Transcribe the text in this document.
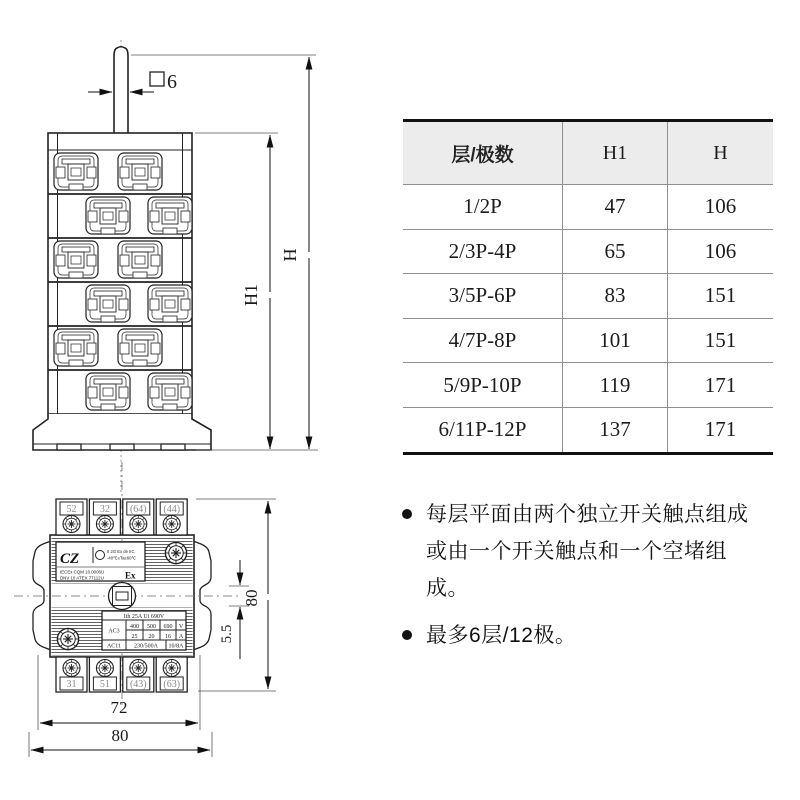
6
H
H1
CZ	II 2G Ex de IIC
-40℃≤Ta≤60℃
IECEx CQM 10.0006U
DNV 10 ATEX 77112U Ex
Ith 25A Ui 690V
AC3
400 500 690 V
25 20 16 A
AC11 230/500A 10/8A
52 32 (64) (44)
31 51 (43) (63)
80
5.5
72
80
层/极数	H1	H
1/2P	47	106
2/3P-4P	65	106
3/5P-6P	83	151
4/7P-8P	101	151
5/9P-10P	119	171
6/11P-12P	137	171
每层平面由两个独立开关触点组成或由一个开关触点和一个空堵组成。
最多6层/12极。
